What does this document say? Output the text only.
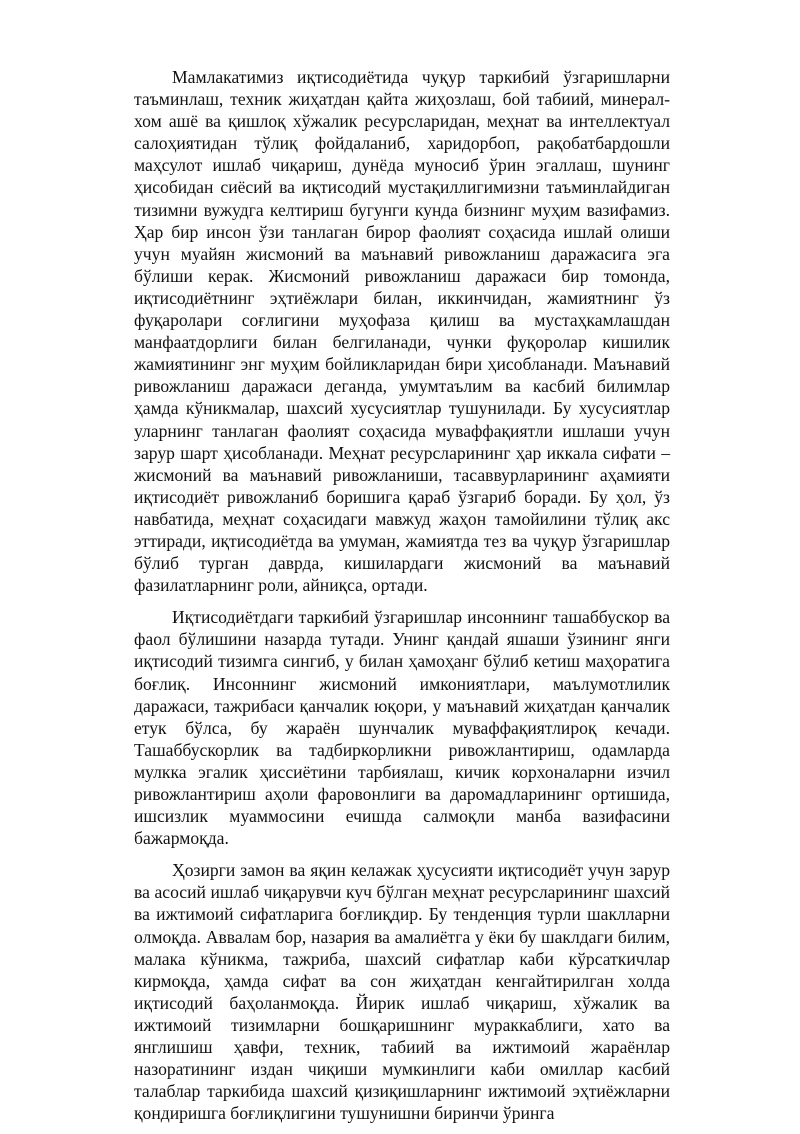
Мамлакатимиз иқтисодиётида чуқур таркибий ўзгаришларни таъминлаш, техник жиҳатдан қайта жиҳозлаш, бой табиий, минерал-хом ашё ва қишлоқ хўжалик ресурсларидан, меҳнат ва интеллектуал салоҳиятидан тўлиқ фойдаланиб, харидорбоп, рақобатбардошли маҳсулот ишлаб чиқариш, дунёда муносиб ўрин эгаллаш, шунинг ҳисобидан сиёсий ва иқтисодий мустақиллигимизни таъминлайдиган тизимни вужудга келтириш бугунги кунда бизнинг муҳим вазифамиз. Ҳар бир инсон ўзи танлаган бирор фаолият соҳасида ишлай олиши учун муайян жисмоний ва маънавий ривожланиш даражасига эга бўлиши керак. Жисмоний ривожланиш даражаси бир томонда, иқтисодиётнинг эҳтиёжлари билан, иккинчидан, жамиятнинг ўз фуқаролари соғлигини муҳофаза қилиш ва мустаҳкамлашдан манфаатдорлиги билан белгиланади, чунки фуқоролар кишилик жамиятининг энг муҳим бойликларидан бири ҳисобланади. Маънавий ривожланиш даражаси деганда, умумтаълим ва касбий билимлар ҳамда кўникмалар, шахсий хусусиятлар тушунилади. Бу хусусиятлар уларнинг танлаган фаолият соҳасида муваффақиятли ишлаши учун зарур шарт ҳисобланади. Меҳнат ресурсларининг ҳар иккала сифати – жисмоний ва маънавий ривожланиши, тасаввурларининг аҳамияти иқтисодиёт ривожланиб боришига қараб ўзгариб боради. Бу ҳол, ўз навбатида, меҳнат соҳасидаги мавжуд жаҳон тамойилини тўлиқ акс эттиради, иқтисодиётда ва умуман, жамиятда тез ва чуқур ўзгаришлар бўлиб турган даврда, кишилардаги жисмоний ва маънавий фазилатларнинг роли, айниқса, ортади.

Иқтисодиётдаги таркибий ўзгаришлар инсоннинг ташаббускор ва фаол бўлишини назарда тутади. Унинг қандай яшаши ўзининг янги иқтисодий тизимга сингиб, у билан ҳамоҳанг бўлиб кетиш маҳоратига боғлиқ. Инсоннинг жисмоний имкониятлари, маълумотлилик даражаси, тажрибаси қанчалик юқори, у маънавий жиҳатдан қанчалик етук бўлса, бу жараён шунчалик муваффақиятлироқ кечади. Ташаббускорлик ва тадбиркорликни ривожлантириш, одамларда мулкка эгалик ҳиссиётини тарбиялаш, кичик корхоналарни изчил ривожлантириш аҳоли фаровонлиги ва даромадларининг ортишида, ишсизлик муаммосини ечишда салмоқли манба вазифасини бажармоқда.

Ҳозирги замон ва яқин келажак ҳусусияти иқтисодиёт учун зарур ва асосий ишлаб чиқарувчи куч бўлган меҳнат ресурсларининг шахсий ва ижтимоий сифатларига боғлиқдир. Бу тенденция турли шаклларни олмоқда. Аввалам бор, назария ва амалиётга у ёки бу шаклдаги билим, малака кўникма, тажриба, шахсий сифатлар каби кўрсаткичлар кирмоқда, ҳамда сифат ва сон жиҳатдан кенгайтирилган холда иқтисодий баҳоланмоқда. Йирик ишлаб чиқариш, хўжалик ва ижтимоий тизимларни бошқаришнинг мураккаблиги, хато ва янглишиш ҳавфи, техник, табиий ва ижтимоий жараёнлар назоратининг издан чиқиши мумкинлиги каби омиллар касбий талаблар таркибида шахсий қизиқишларнинг ижтимоий эҳтиёжларни қондиришга боғлиқлигини тушунишни биринчи ўринга
